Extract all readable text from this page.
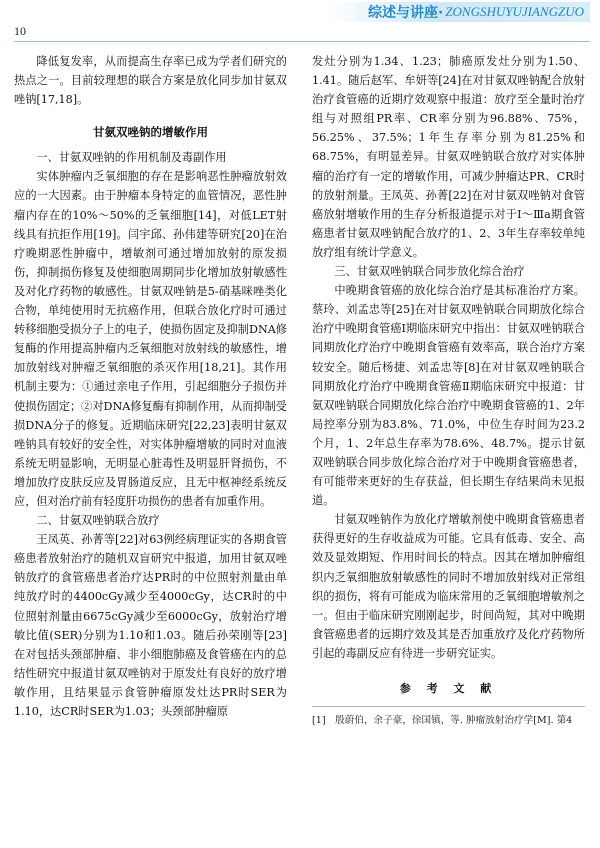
10
综述与讲座· ZONGSHUYUJIANGZUO

降低复发率，从而提高生存率已成为学者们研究的热点之一。目前较理想的联合方案是放化同步加甘氨双唑钠[17,18]。

甘氨双唑钠的增敏作用

一、甘氨双唑钠的作用机制及毒副作用

实体肿瘤内乏氧细胞的存在是影响恶性肿瘤放射效应的一大因素。由于肿瘤本身特定的血管情况，恶性肿瘤内存在的10%～50%的乏氧细胞[14]，对低LET射线具有抗拒作用[19]。闫宇邱、孙伟建等研究[20]在治疗晚期恶性肿瘤中，增敏剂可通过增加放射的原发损伤，抑制损伤修复及使细胞周期同步化增加放射敏感性及对化疗药物的敏感性。甘氨双唑钠是5-硝基咪唑类化合物，单纯使用时无抗癌作用，但联合放化疗时可通过转移细胞受损分子上的电子，使损伤固定及抑制DNA修复酶的作用提高肿瘤内乏氧细胞对放射线的敏感性，增加放射线对肿瘤乏氧细胞的杀灭作用[18,21]。其作用机制主要为：①通过亲电子作用，引起细胞分子损伤并使损伤固定；②对DNA修复酶有抑制作用，从而抑制受损DNA分子的修复。近期临床研究[22,23]表明甘氨双唑钠具有较好的安全性，对实体肿瘤增敏的同时对血液系统无明显影响，无明显心脏毒性及明显肝肾损伤，不增加放疗皮肤反应及胃肠道反应，且无中枢神经系统反应，但对治疗前有轻度肝功损伤的患者有加重作用。

二、甘氨双唑钠联合放疗

王凤英、孙菁等[22]对63例经病理证实的各期食管癌患者放射治疗的随机双盲研究中报道，加用甘氨双唑钠放疗的食管癌患者治疗达PR时的中位照射剂量由单纯放疗时的4400cGy减少至4000cGy，达CR时的中位照射剂量由6675cGy减少至6000cGy，放射治疗增敏比值(SER)分别为1.10和1.03。随后孙荣刚等[23]在对包括头颈部肿瘤、非小细胞肺癌及食管癌在内的总结性研究中报道甘氨双唑钠对于原发灶有良好的放疗增敏作用，且结果显示食管肿瘤原发灶达PR时SER为1.10，达CR时SER为1.03；头颈部肿瘤原

发灶分别为1.34、1.23；肺癌原发灶分别为1.50、1.41。随后赵军、牟妍等[24]在对甘氨双唑钠配合放射治疗食管癌的近期疗效观察中报道：放疗至全量时治疗组与对照组PR率、CR率分别为96.88%、75%，56.25%、37.5%；1年生存率分别为81.25%和68.75%，有明显差异。甘氨双唑钠联合放疗对实体肿瘤的治疗有一定的增敏作用，可减少肿瘤达PR、CR时的放射剂量。王凤英、孙菁[22]在对甘氨双唑钠对食管癌放射增敏作用的生存分析报道提示对于Ⅰ～Ⅲa期食管癌患者甘氨双唑钠配合放疗的1、2、3年生存率较单纯放疗组有统计学意义。

三、甘氨双唑钠联合同步放化综合治疗

中晚期食管癌的放化综合治疗是其标准治疗方案。蔡玲、刘孟忠等[25]在对甘氨双唑钠联合同期放化综合治疗中晚期食管癌Ⅰ期临床研究中指出：甘氨双唑钠联合同期放化疗治疗中晚期食管癌有效率高，联合治疗方案较安全。随后杨捷、刘孟忠等[8]在对甘氨双唑钠联合同期放化疗治疗中晚期食管癌Ⅱ期临床研究中报道：甘氨双唑钠联合同期放化综合治疗中晚期食管癌的1、2年局控率分别为83.8%、71.0%，中位生存时间为23.2个月，1、2年总生存率为78.6%、48.7%。提示甘氨双唑钠联合同步放化综合治疗对于中晚期食管癌患者，有可能带来更好的生存获益，但长期生存结果尚未见报道。

甘氨双唑钠作为放化疗增敏剂使中晚期食管癌患者获得更好的生存收益成为可能。它具有低毒、安全、高效及显效期短、作用时间长的特点。因其在增加肿瘤组织内乏氧细胞放射敏感性的同时不增加放射线对正常组织的损伤，将有可能成为临床常用的乏氧细胞增敏剂之一。但由于临床研究刚刚起步，时间尚短，其对中晚期食管癌患者的远期疗效及其是否加重放疗及化疗药物所引起的毒副反应有待进一步研究证实。

参 考 文 献

[1]　殷蔚伯，余子豪，徐国镇，等. 肿瘤放射治疗学[M]. 第4
